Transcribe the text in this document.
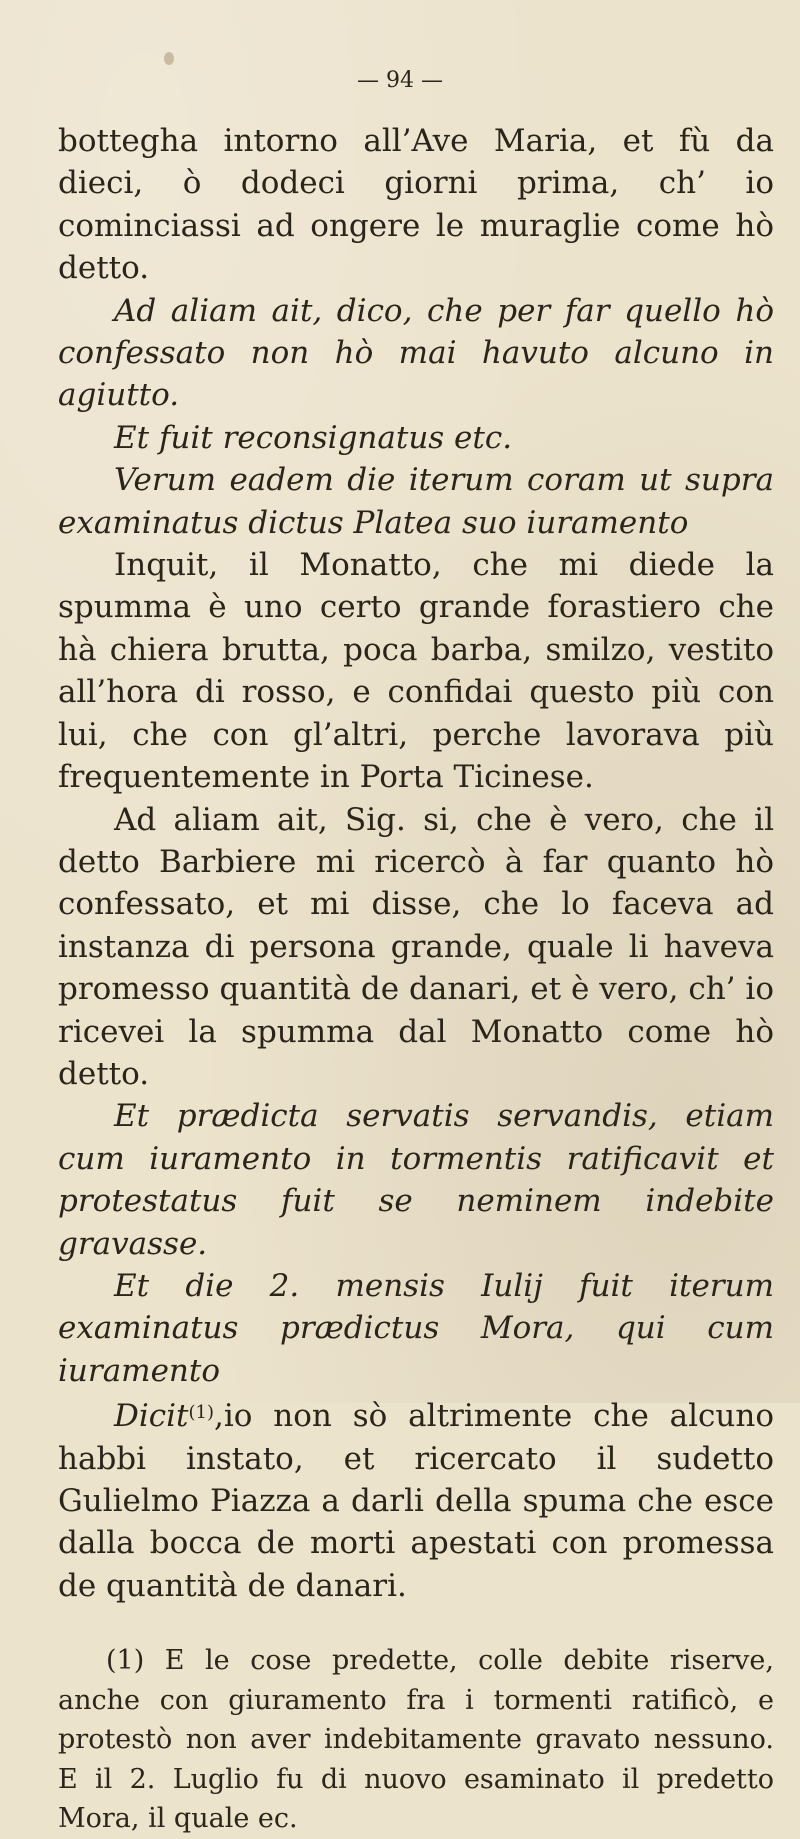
— 94 —

bottegha intorno all’Ave Maria, et fù da dieci, ò dodeci giorni prima, ch’ io cominciassi ad ongere le muraglie come hò detto.

Ad aliam ait, dico, che per far quello hò confessato non hò mai havuto alcuno in agiutto.

Et fuit reconsignatus etc.

Verum eadem die iterum coram ut supra examinatus dictus Platea suo iuramento

Inquit, il Monatto, che mi diede la spumma è uno certo grande forastiero che hà chiera brutta, poca barba, smilzo, vestito all’hora di rosso, e confidai questo più con lui, che con gl’altri, perche lavorava più frequentemente in Porta Ticinese.

Ad aliam ait, Sig. si, che è vero, che il detto Barbiere mi ricercò à far quanto hò confessato, et mi disse, che lo faceva ad instanza di persona grande, quale li haveva promesso quantità de danari, et è vero, ch’ io ricevei la spumma dal Monatto come hò detto.

Et prædicta servatis servandis, etiam cum iuramento in tormentis ratificavit et protestatus fuit se neminem indebite gravasse.

Et die 2. mensis Iulij fuit iterum examinatus prædictus Mora, qui cum iuramento

Dicit$^{(1)}$,io non sò altrimente che alcuno habbi instato, et ricercato il sudetto Gulielmo Piazza a darli della spuma che esce dalla bocca de morti apestati con promessa de quantità de danari.

(1) E le cose predette, colle debite riserve, anche con giuramento fra i tormenti ratificò, e protestò non aver indebitamente gravato nessuno. E il 2. Luglio fu di nuovo esaminato il predetto Mora, il quale ec.
